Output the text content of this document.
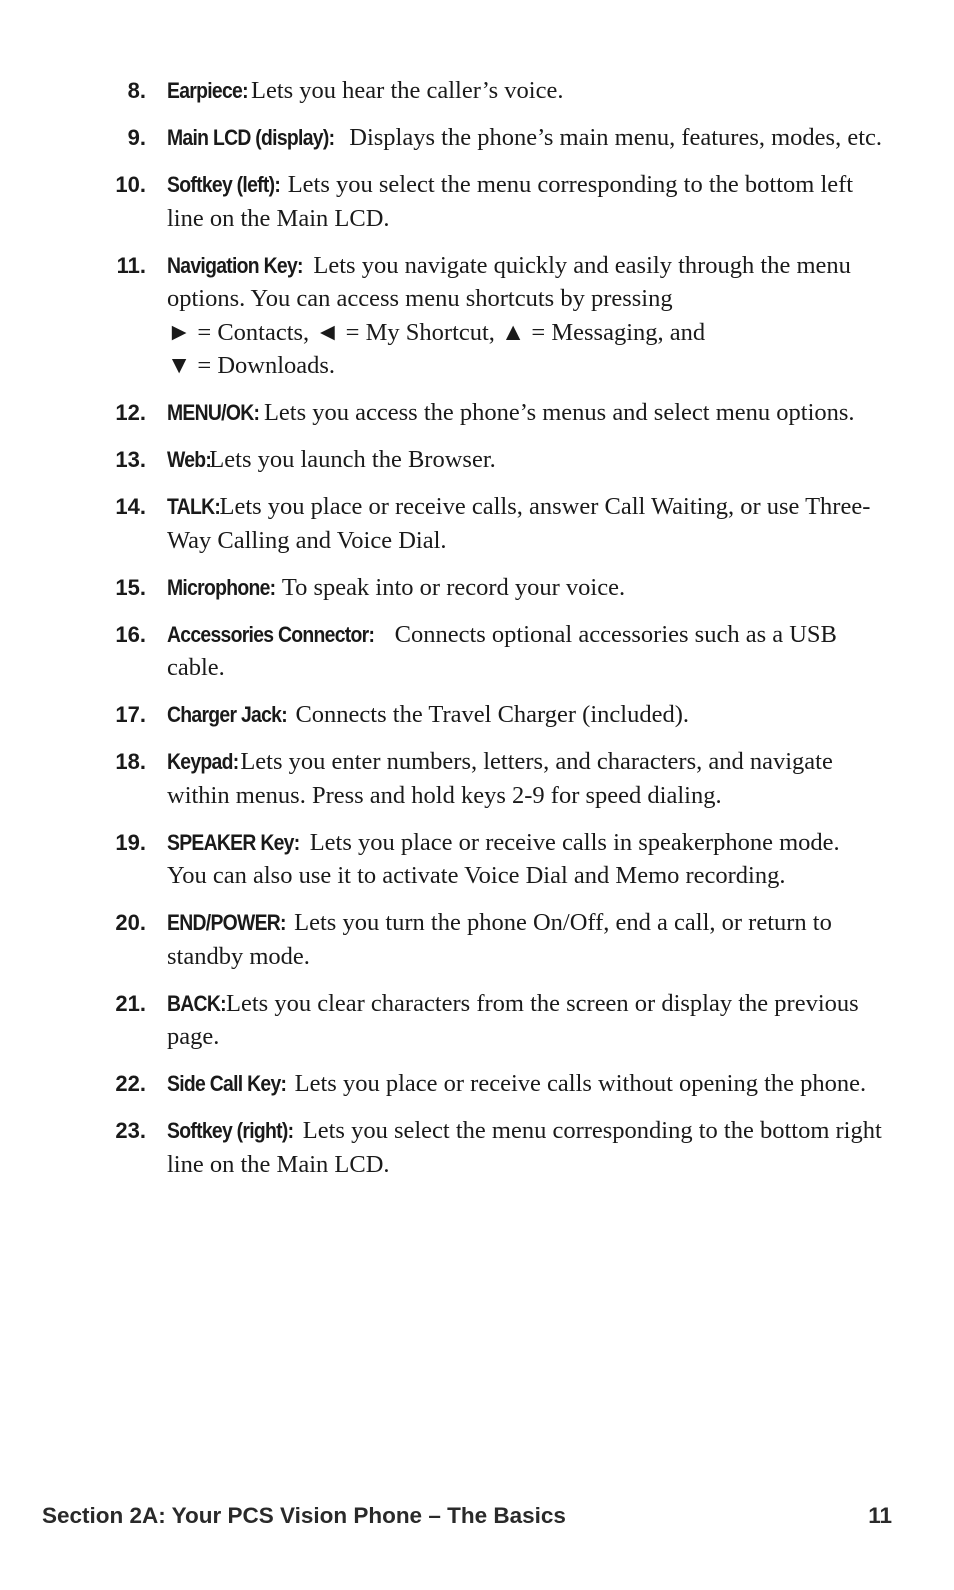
8. Earpiece: Lets you hear the caller’s voice.
9. Main LCD (display): Displays the phone’s main menu, features, modes, etc.
10. Softkey (left): Lets you select the menu corresponding to the bottom left line on the Main LCD.
11. Navigation Key: Lets you navigate quickly and easily through the menu options. You can access menu shortcuts by pressing
► = Contacts, ◄ = My Shortcut, ▲ = Messaging, and
▼ = Downloads.
12. MENU/OK: Lets you access the phone’s menus and select menu options.
13. Web: Lets you launch the Browser.
14. TALK: Lets you place or receive calls, answer Call Waiting, or use Three-Way Calling and Voice Dial.
15. Microphone: To speak into or record your voice.
16. Accessories Connector: Connects optional accessories such as a USB cable.
17. Charger Jack: Connects the Travel Charger (included).
18. Keypad: Lets you enter numbers, letters, and characters, and navigate within menus. Press and hold keys 2-9 for speed dialing.
19. SPEAKER Key: Lets you place or receive calls in speakerphone mode. You can also use it to activate Voice Dial and Memo recording.
20. END/POWER: Lets you turn the phone On/Off, end a call, or return to standby mode.
21. BACK: Lets you clear characters from the screen or display the previous page.
22. Side Call Key: Lets you place or receive calls without opening the phone.
23. Softkey (right): Lets you select the menu corresponding to the bottom right line on the Main LCD.
Section 2A: Your PCS Vision Phone – The Basics	11
